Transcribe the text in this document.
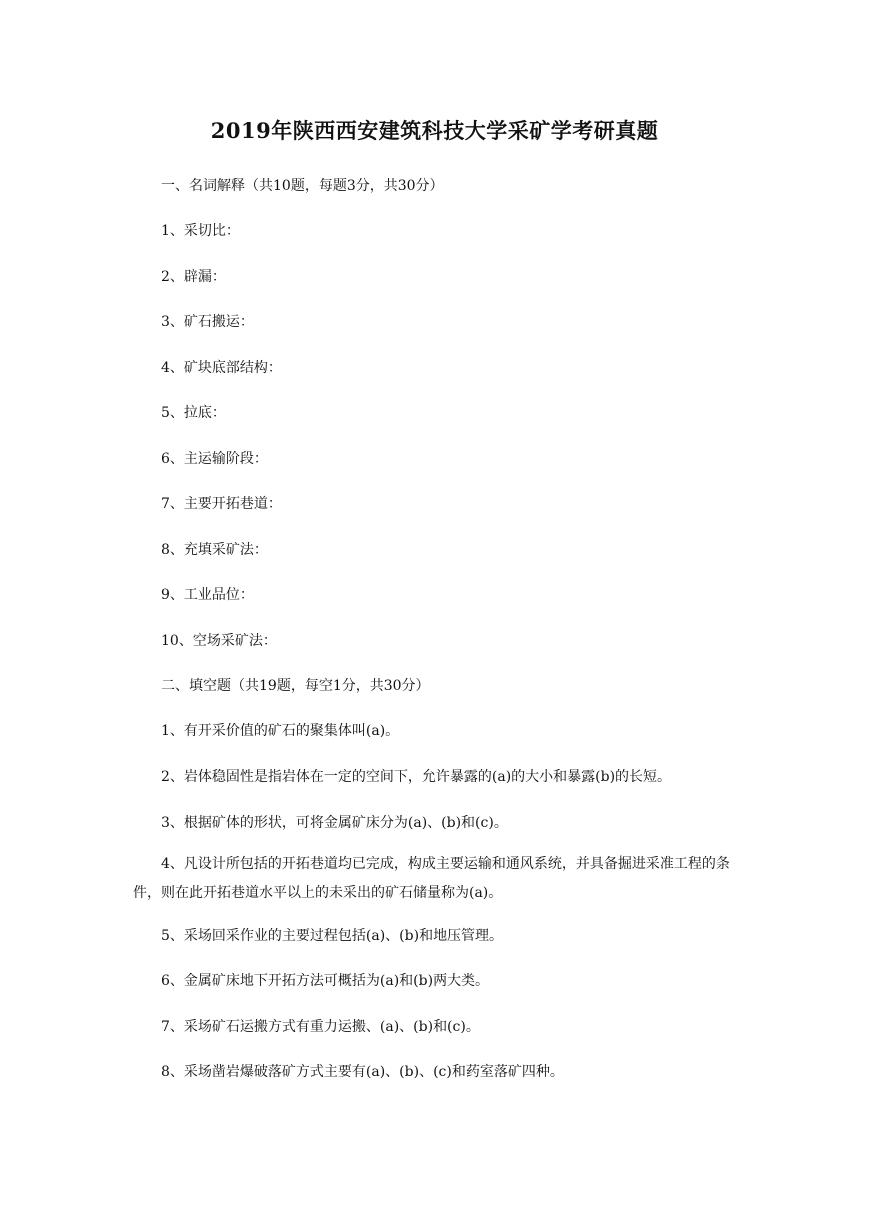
2019年陕西西安建筑科技大学采矿学考研真题
一、名词解释（共10题，每题3分，共30分）
1、采切比：
2、辟漏：
3、矿石搬运：
4、矿块底部结构：
5、拉底：
6、主运输阶段：
7、主要开拓巷道：
8、充填采矿法：
9、工业品位：
10、空场采矿法：
二、填空题（共19题，每空1分，共30分）
1、有开采价值的矿石的聚集体叫(a)。
2、岩体稳固性是指岩体在一定的空间下，允许暴露的(a)的大小和暴露(b)的长短。
3、根据矿体的形状，可将金属矿床分为(a)、(b)和(c)。
4、凡设计所包括的开拓巷道均已完成，构成主要运输和通风系统，并具备掘进采准工程的条件，则在此开拓巷道水平以上的未采出的矿石储量称为(a)。
5、采场回采作业的主要过程包括(a)、(b)和地压管理。
6、金属矿床地下开拓方法可概括为(a)和(b)两大类。
7、采场矿石运搬方式有重力运搬、(a)、(b)和(c)。
8、采场凿岩爆破落矿方式主要有(a)、(b)、(c)和药室落矿四种。
